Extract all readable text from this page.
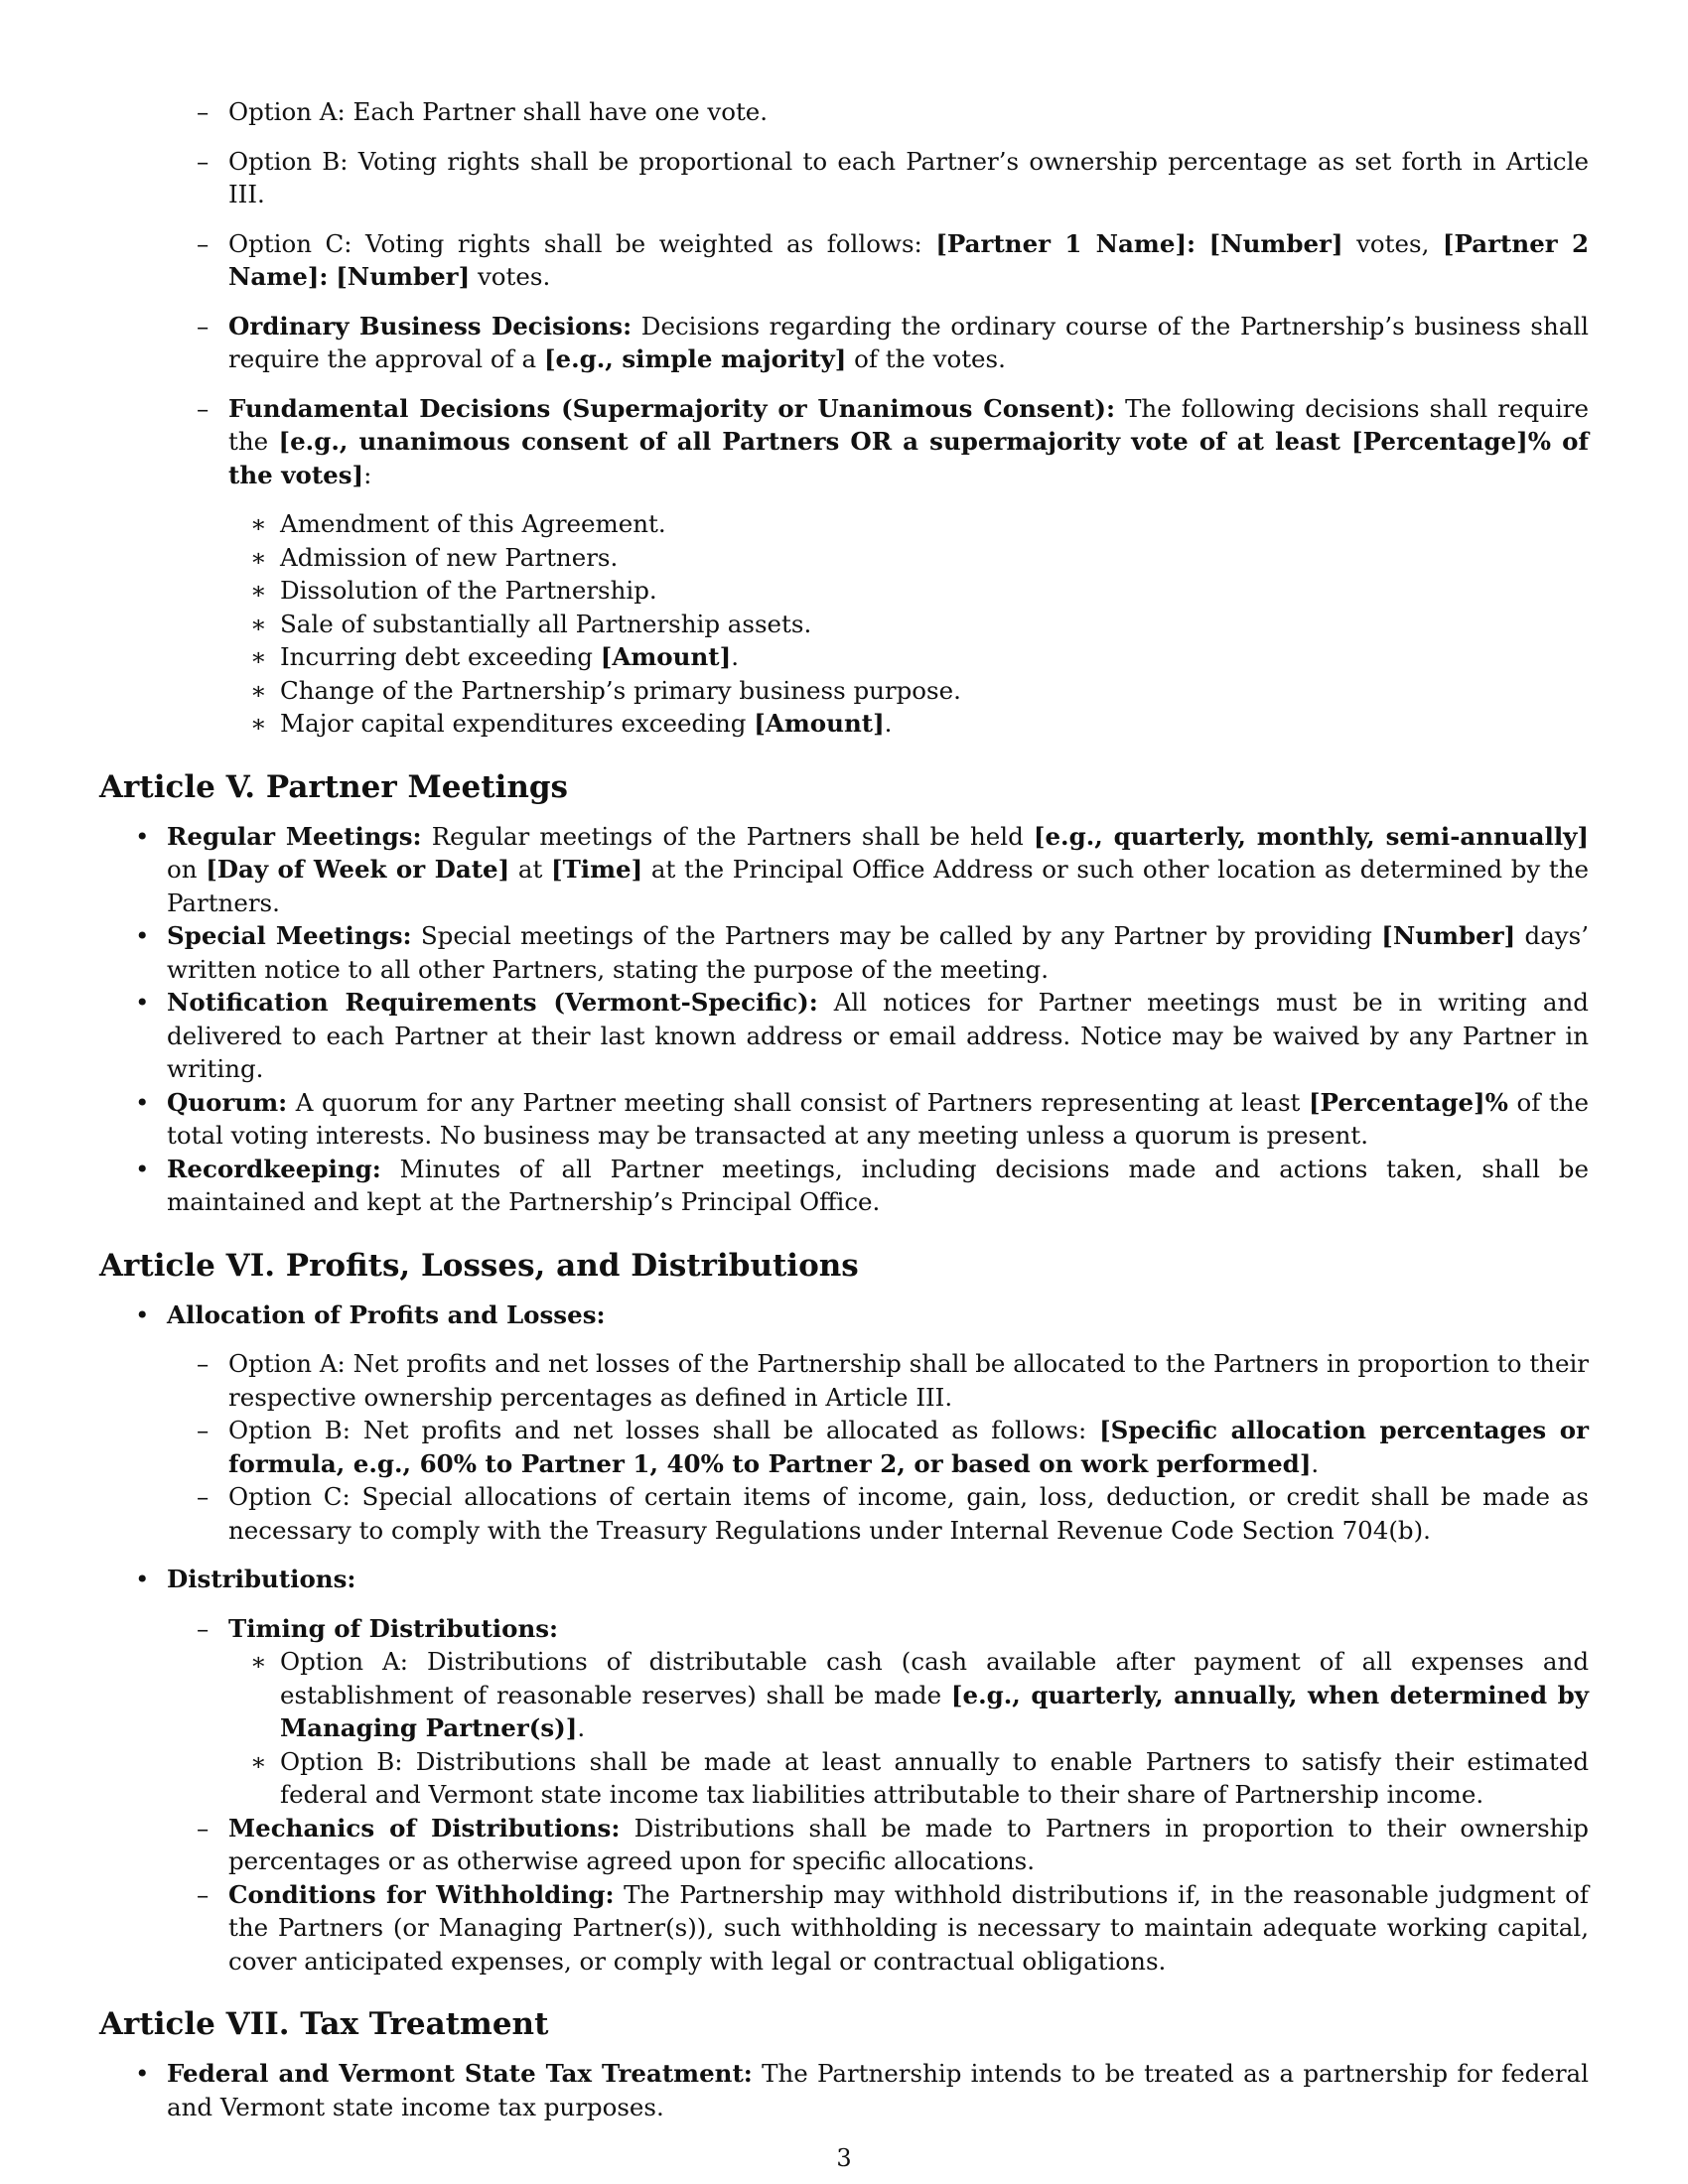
– Option A: Each Partner shall have one vote.
– Option B: Voting rights shall be proportional to each Partner’s ownership percentage as set forth in Article III.
– Option C: Voting rights shall be weighted as follows: [Partner 1 Name]: [Number] votes, [Partner 2 Name]: [Number] votes.
– Ordinary Business Decisions: Decisions regarding the ordinary course of the Partnership’s business shall require the approval of a [e.g., simple majority] of the votes.
– Fundamental Decisions (Supermajority or Unanimous Consent): The following decisions shall require the [e.g., unanimous consent of all Partners OR a supermajority vote of at least [Percentage]% of the votes]:
∗ Amendment of this Agreement.
∗ Admission of new Partners.
∗ Dissolution of the Partnership.
∗ Sale of substantially all Partnership assets.
∗ Incurring debt exceeding [Amount].
∗ Change of the Partnership’s primary business purpose.
∗ Major capital expenditures exceeding [Amount].
Article V. Partner Meetings
• Regular Meetings: Regular meetings of the Partners shall be held [e.g., quarterly, monthly, semi-annually] on [Day of Week or Date] at [Time] at the Principal Office Address or such other location as determined by the Partners.
• Special Meetings: Special meetings of the Partners may be called by any Partner by providing [Number] days’ written notice to all other Partners, stating the purpose of the meeting.
• Notification Requirements (Vermont-Specific): All notices for Partner meetings must be in writing and delivered to each Partner at their last known address or email address. Notice may be waived by any Partner in writing.
• Quorum: A quorum for any Partner meeting shall consist of Partners representing at least [Percentage]% of the total voting interests. No business may be transacted at any meeting unless a quorum is present.
• Recordkeeping: Minutes of all Partner meetings, including decisions made and actions taken, shall be maintained and kept at the Partnership’s Principal Office.
Article VI. Profits, Losses, and Distributions
• Allocation of Profits and Losses:
– Option A: Net profits and net losses of the Partnership shall be allocated to the Partners in proportion to their respective ownership percentages as defined in Article III.
– Option B: Net profits and net losses shall be allocated as follows: [Specific allocation percentages or formula, e.g., 60% to Partner 1, 40% to Partner 2, or based on work performed].
– Option C: Special allocations of certain items of income, gain, loss, deduction, or credit shall be made as necessary to comply with the Treasury Regulations under Internal Revenue Code Section 704(b).
• Distributions:
– Timing of Distributions:
∗ Option A: Distributions of distributable cash (cash available after payment of all expenses and establishment of reasonable reserves) shall be made [e.g., quarterly, annually, when determined by Managing Partner(s)].
∗ Option B: Distributions shall be made at least annually to enable Partners to satisfy their estimated federal and Vermont state income tax liabilities attributable to their share of Partnership income.
– Mechanics of Distributions: Distributions shall be made to Partners in proportion to their ownership percentages or as otherwise agreed upon for specific allocations.
– Conditions for Withholding: The Partnership may withhold distributions if, in the reasonable judgment of the Partners (or Managing Partner(s)), such withholding is necessary to maintain adequate working capital, cover anticipated expenses, or comply with legal or contractual obligations.
Article VII. Tax Treatment
• Federal and Vermont State Tax Treatment: The Partnership intends to be treated as a partnership for federal and Vermont state income tax purposes.
3
